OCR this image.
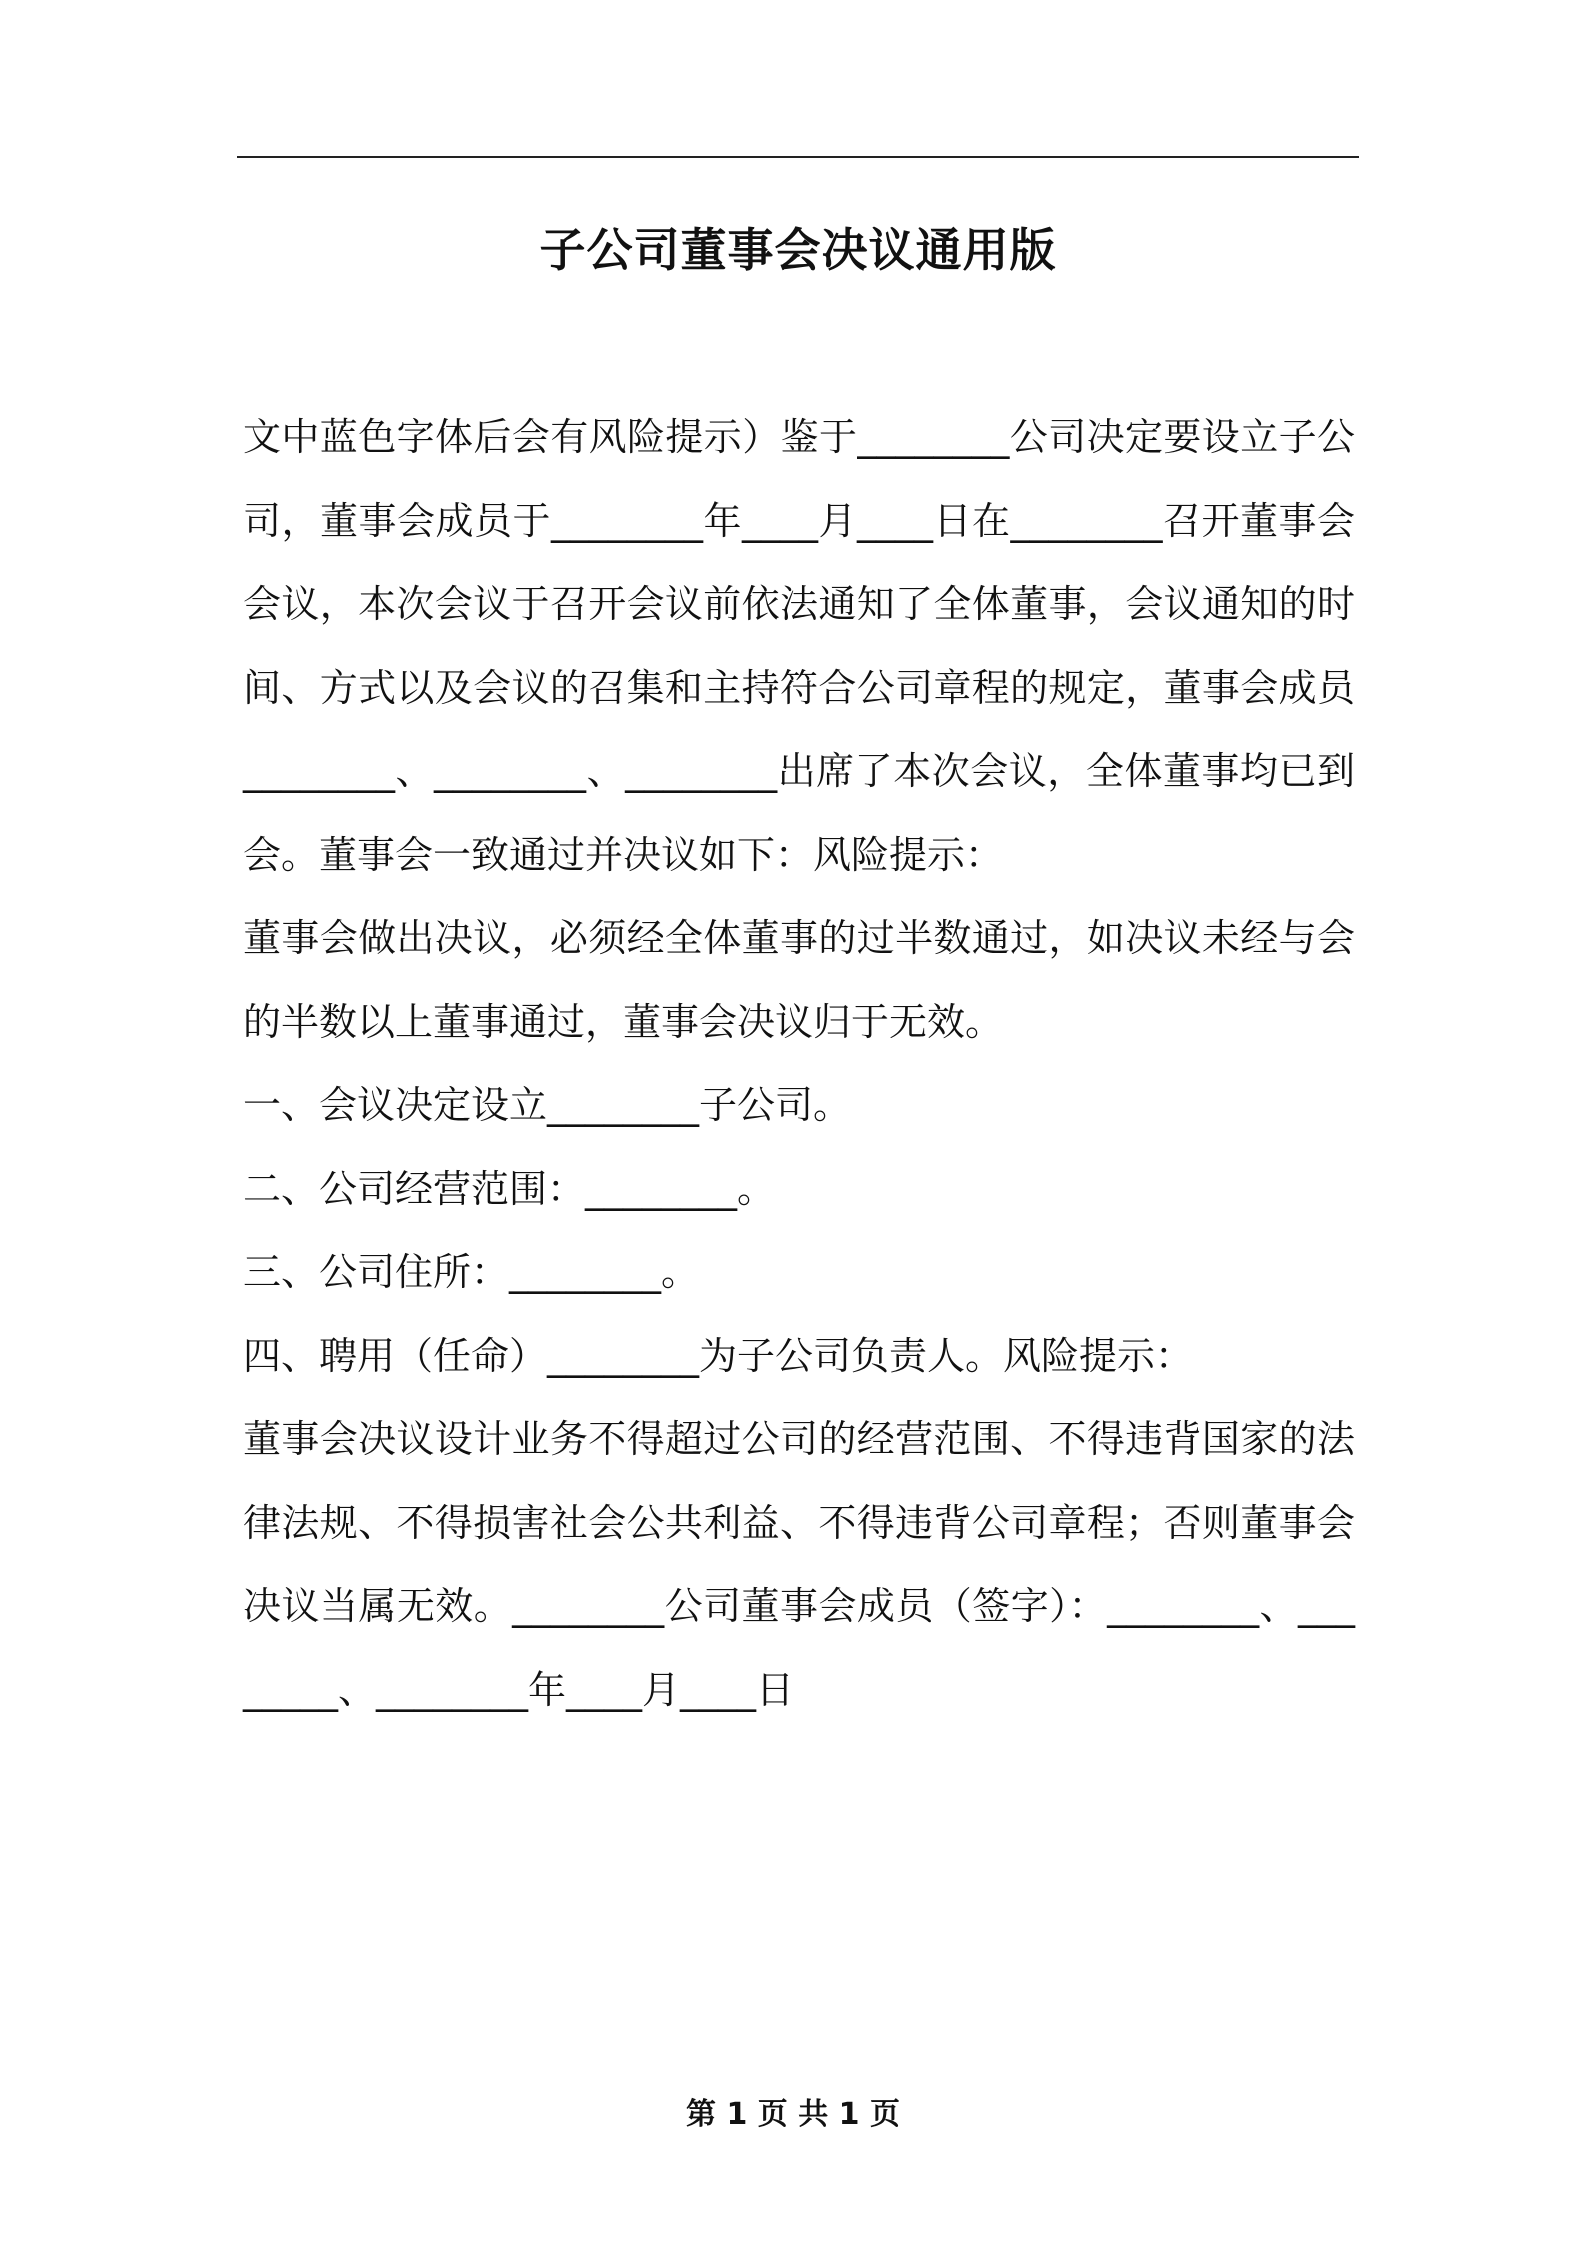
子公司董事会决议通用版

文中蓝色字体后会有风险提示）鉴于________公司决定要设立子公司，董事会成员于________年____月____日在________召开董事会会议，本次会议于召开会议前依法通知了全体董事，会议通知的时间、方式以及会议的召集和主持符合公司章程的规定，董事会成员________、________、________出席了本次会议，全体董事均已到会。董事会一致通过并决议如下：风险提示：

董事会做出决议，必须经全体董事的过半数通过，如决议未经与会的半数以上董事通过，董事会决议归于无效。

一、会议决定设立________子公司。

二、公司经营范围：________。

三、公司住所：________。

四、聘用（任命）________为子公司负责人。风险提示：

董事会决议设计业务不得超过公司的经营范围、不得违背国家的法律法规、不得损害社会公共利益、不得违背公司章程；否则董事会决议当属无效。________公司董事会成员（签字）：________、________、________年____月____日

第 1 页 共 1 页
